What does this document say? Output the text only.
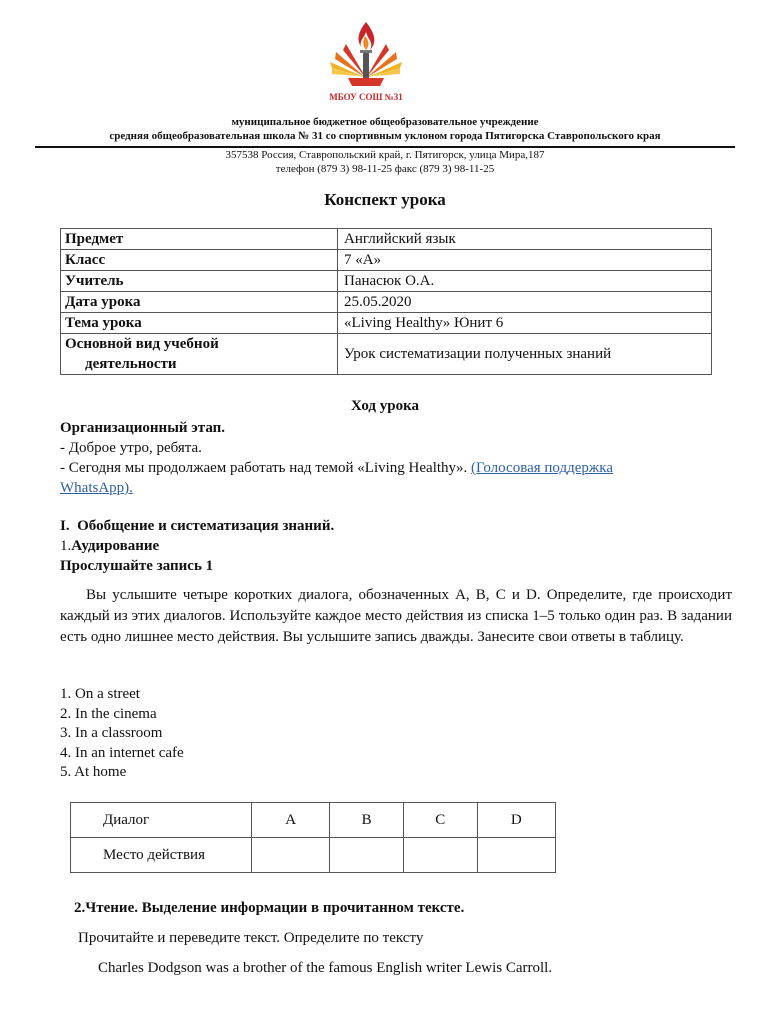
МБОУ СОШ №31
муниципальное бюджетное общеобразовательное учреждение
средняя общеобразовательная школа № 31 со спортивным уклоном города Пятигорска Ставропольского края
357538 Россия, Ставропольский край, г. Пятигорск, улица Мира,187
телефон (879 3) 98-11-25 факс (879 3) 98-11-25
Конспект урока
Предмет	Английский язык
Класс	7 «А»
Учитель	Панасюк О.А.
Дата урока	25.05.2020
Тема урока	«Living Healthy» Юнит 6

Основной вид учебной
деятельности	Урок систематизации полученных знаний
Ход урока
Организационный этап.
- Доброе утро, ребята.
- Сегодня мы продолжаем работать над темой «Living Healthy». (Голосовая поддержка
WhatsApp).
I. Обобщение и систематизация знаний.
1.Аудирование
Прослушайте запись 1
Вы услышите четыре коротких диалога, обозначенных A, B, C и D. Определите, где происходит каждый из этих диалогов. Используйте каждое место действия из списка 1–5 только один раз. В задании есть одно лишнее место действия. Вы услышите запись дважды. Занесите свои ответы в таблицу.
1. On a street
2. In the cinema
3. In a classroom
4. In an internet cafe
5. At home
Диалог	A	B	C	D
Место действия				
2.Чтение. Выделение информации в прочитанном тексте.
Прочитайте и переведите текст. Определите по тексту
Charles Dodgson was a brother of the famous English writer Lewis Carroll.
